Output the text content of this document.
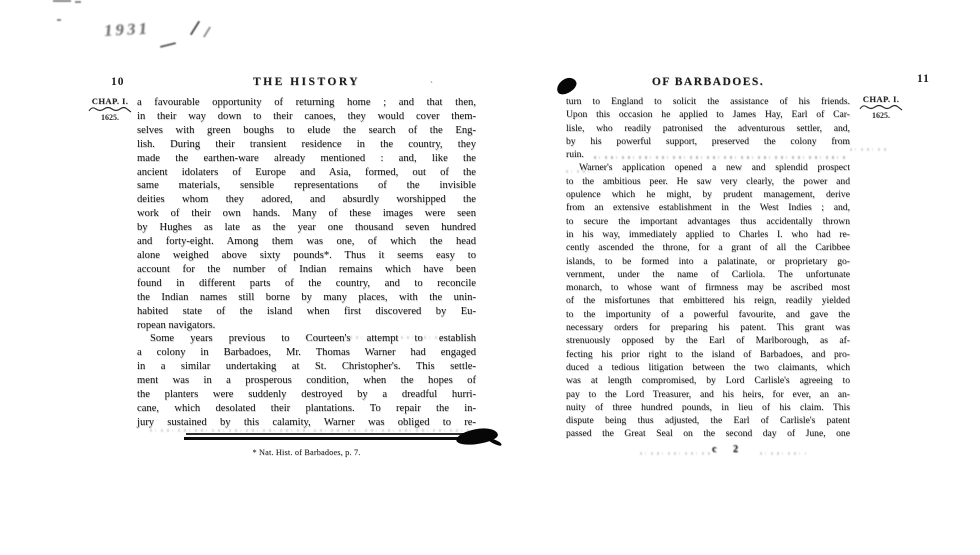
1931
10	THE HISTORY	`
CHAP. I.
1625.
a favourable opportunity of returning home ; and that then,
in their way down to their canoes, they would cover them-
selves with green boughs to elude the search of the Eng-
lish. During their transient residence in the country, they
made the earthen-ware already mentioned : and, like the
ancient idolaters of Europe and Asia, formed, out of the
same materials, sensible representations of the invisible
deities whom they adored, and absurdly worshipped the
work of their own hands. Many of these images were seen
by Hughes as late as the year one thousand seven hundred
and forty-eight. Among them was one, of which the head
alone weighed above sixty pounds*. Thus it seems easy to
account for the number of Indian remains which have been
found in different parts of the country, and to reconcile
the Indian names still borne by many places, with the unin-
habited state of the island when first discovered by Eu-
ropean navigators.
Some years previous to Courteen's attempt to establish
a colony in Barbadoes, Mr. Thomas Warner had engaged
in a similar undertaking at St. Christopher's. This settle-
ment was in a prosperous condition, when the hopes of
the planters were suddenly destroyed by a dreadful hurri-
cane, which desolated their plantations. To repair the in-
jury sustained by this calamity, Warner was obliged to re-
* Nat. Hist. of Barbadoes, p. 7.
OF BARBADOES.	11
CHAP. I.
1625.
turn to England to solicit the assistance of his friends.
Upon this occasion he applied to James Hay, Earl of Car-
lisle, who readily patronised the adventurous settler, and,
by his powerful support, preserved the colony from
ruin.
Warner's application opened a new and splendid prospect
to the ambitious peer. He saw very clearly, the power and
opulence which he might, by prudent management, derive
from an extensive establishment in the West Indies ; and,
to secure the important advantages thus accidentally thrown
in his way, immediately applied to Charles I. who had re-
cently ascended the throne, for a grant of all the Caribbee
islands, to be formed into a palatinate, or proprietary go-
vernment, under the name of Carliola. The unfortunate
monarch, to whose want of firmness may be ascribed most
of the misfortunes that embittered his reign, readily yielded
to the importunity of a powerful favourite, and gave the
necessary orders for preparing his patent. This grant was
strenuously opposed by the Earl of Marlborough, as af-
fecting his prior right to the island of Barbadoes, and pro-
duced a tedious litigation between the two claimants, which
was at length compromised, by Lord Carlisle's agreeing to
pay to the Lord Treasurer, and his heirs, for ever, an an-
nuity of three hundred pounds, in lieu of his claim. This
dispute being thus adjusted, the Earl of Carlisle's patent
passed the Great Seal on the second day of June, one
c 2
